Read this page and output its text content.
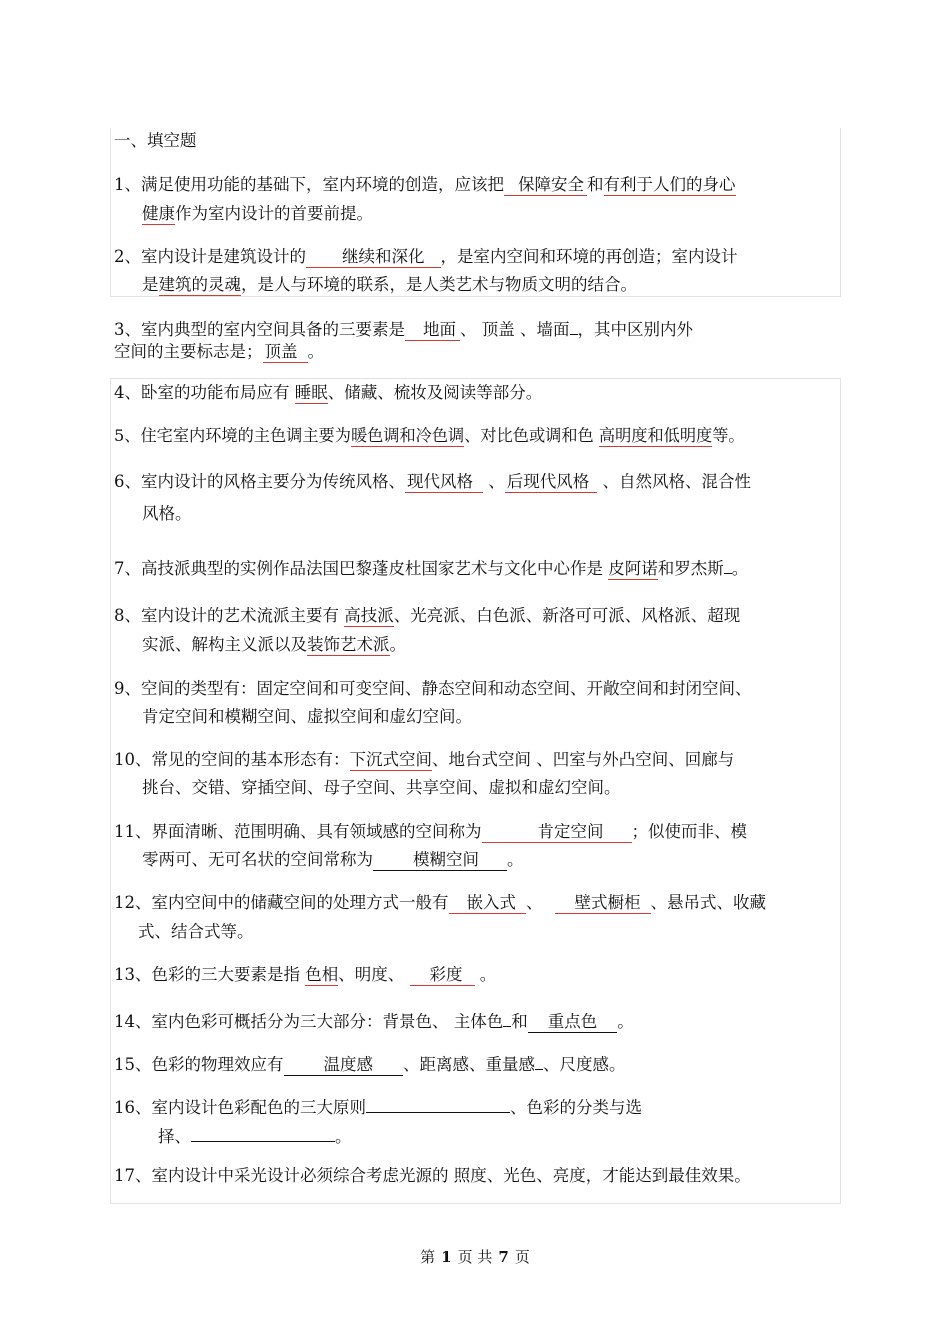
一、填空题
1、满足使用功能的基础下，室内环境的创造，应该把 保障安全 和有利于人们的身心
健康作为室内设计的首要前提。
2、室内设计是建筑设计的 继续和深化 ，是室内空间和环境的再创造；室内设计
是建筑的灵魂，是人与环境的联系，是人类艺术与物质文明的结合。
3、室内典型的室内空间具备的三要素是 地面 、 顶盖 、墙面 ，其中区别内外
空间的主要标志是； 顶盖 。
4、卧室的功能布局应有 睡眠、储藏、梳妆及阅读等部分。
5、住宅室内环境的主色调主要为暖色调和冷色调、对比色或调和色 高明度和低明度等。
6、室内设计的风格主要分为传统风格、 现代风格 、 后现代风格 、自然风格、混合性
风格。
7、高技派典型的实例作品法国巴黎蓬皮杜国家艺术与文化中心作是 皮阿诺和罗杰斯 。
8、室内设计的艺术流派主要有 高技派、光亮派、白色派、新洛可可派、风格派、超现
实派、解构主义派以及装饰艺术派。
9、空间的类型有：固定空间和可变空间、静态空间和动态空间、开敞空间和封闭空间、
肯定空间和模糊空间、虚拟空间和虚幻空间。
10、常见的空间的基本形态有：下沉式空间、地台式空间 、凹室与外凸空间、回廊与
挑台、交错、穿插空间、母子空间、共享空间、虚拟和虚幻空间。
11、界面清晰、范围明确、具有领域感的空间称为	肯定空间 ；似使而非、模
零两可、无可名状的空间常称为 模糊空间 。
12、室内空间中的储藏空间的处理方式一般有 嵌入式 、 壁式橱柜 、悬吊式、收藏
式、结合式等。
13、色彩的三大要素是指 色相、明度、 彩度 。
14、室内色彩可概括分为三大部分：背景色、 主体色 和 重点色 。
15、色彩的物理效应有 温度感 、距离感、重量感 、尺度感。
16、室内设计色彩配色的三大原则	、色彩的分类与选
择、	。
17、室内设计中采光设计必须综合考虑光源的 照度、光色、亮度，才能达到最佳效果。
第 1 页 共 7 页
